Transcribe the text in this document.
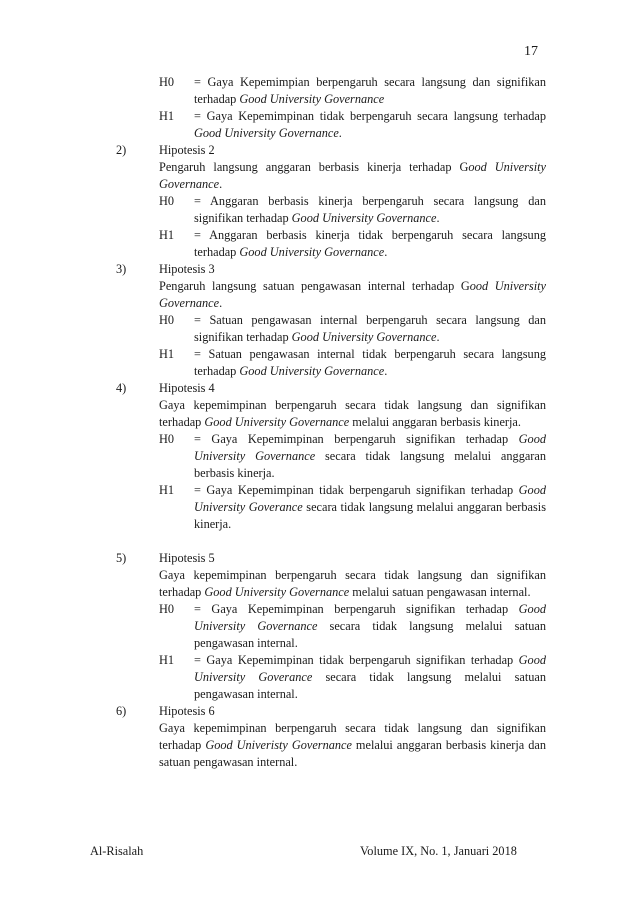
17
H0 = Gaya Kepemimpian berpengaruh secara langsung dan signifikan terhadap Good University Governance
H1 = Gaya Kepemimpinan tidak berpengaruh secara langsung terhadap Good University Governance.
2)	Hipotesis 2
Pengaruh langsung anggaran berbasis kinerja terhadap Good University Governance.
H0 = Anggaran berbasis kinerja berpengaruh secara langsung dan signifikan terhadap Good University Governance.
H1 = Anggaran berbasis kinerja tidak berpengaruh secara langsung terhadap Good University Governance.
3)	Hipotesis 3
Pengaruh langsung satuan pengawasan internal terhadap Good University Governance.
H0 = Satuan pengawasan internal berpengaruh secara langsung dan signifikan terhadap Good University Governance.
H1 = Satuan pengawasan internal tidak berpengaruh secara langsung terhadap Good University Governance.
4)	Hipotesis 4
Gaya kepemimpinan berpengaruh secara tidak langsung dan signifikan terhadap Good University Governance melalui anggaran berbasis kinerja.
H0 = Gaya Kepemimpinan berpengaruh signifikan terhadap Good University Governance secara tidak langsung melalui anggaran berbasis kinerja.
H1 = Gaya Kepemimpinan tidak berpengaruh signifikan terhadap Good University Goverance secara tidak langsung melalui anggaran berbasis kinerja.
5)	Hipotesis 5
Gaya kepemimpinan berpengaruh secara tidak langsung dan signifikan terhadap Good University Governance melalui satuan pengawasan internal.
H0 = Gaya Kepemimpinan berpengaruh signifikan terhadap Good University Governance secara tidak langsung melalui satuan pengawasan internal.
H1 = Gaya Kepemimpinan tidak berpengaruh signifikan terhadap Good University Goverance secara tidak langsung melalui satuan pengawasan internal.
6)	Hipotesis 6
Gaya kepemimpinan berpengaruh secara tidak langsung dan signifikan terhadap Good Univeristy Governance melalui anggaran berbasis kinerja dan satuan pengawasan internal.
Al-Risalah	Volume IX, No. 1, Januari 2018
